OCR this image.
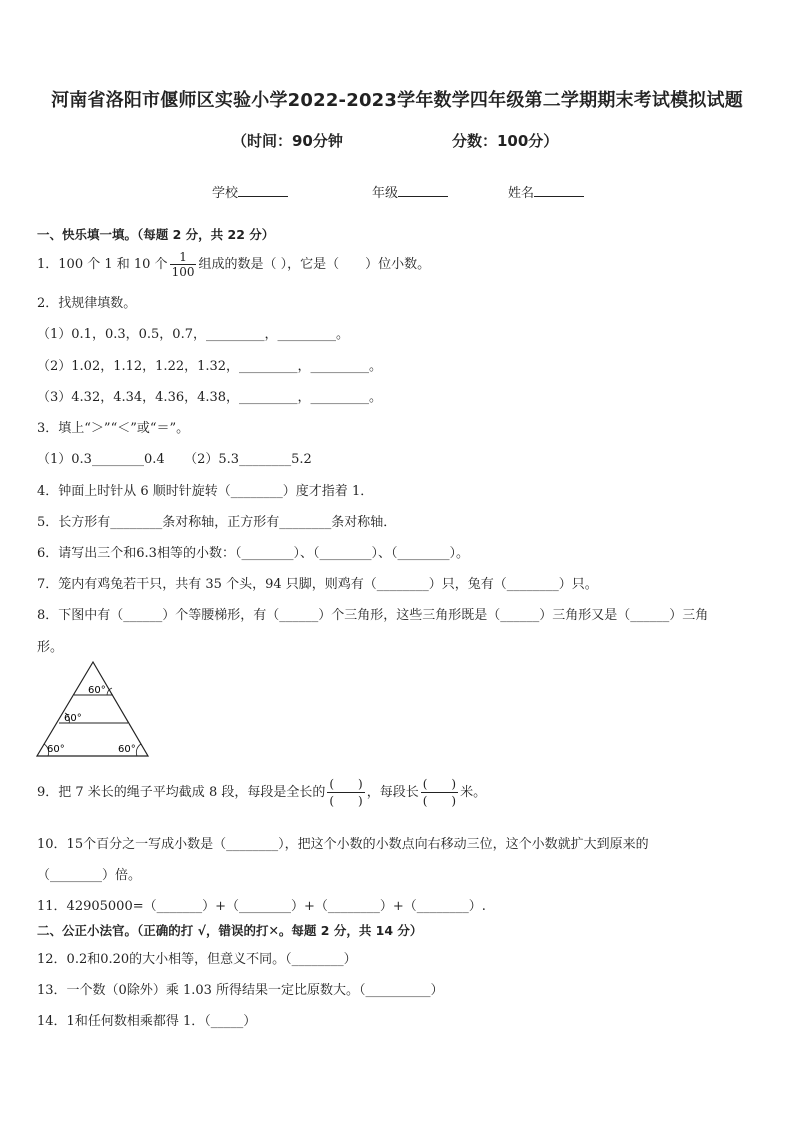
河南省洛阳市偃师区实验小学2022-2023学年数学四年级第二学期期末考试模拟试题
（时间：90分钟	分数：100分）
学校	年级	姓名
一、快乐填一填。（每题 2 分，共 22 分）
1．100 个 1 和 10 个 $\frac{1}{100}$ 组成的数是（ ），它是（　　）位小数。
2．找规律填数。
（1）0.1，0.3，0.5，0.7，_________，_________。
（2）1.02，1.12，1.22，1.32，_________，_________。
（3）4.32，4.34，4.36，4.38，_________，_________。
3．填上“＞”“＜”或“＝”。
（1）0.3________0.4　　（2）5.3________5.2
4．钟面上时针从 6 顺时针旋转（________）度才指着 1．
5．长方形有________条对称轴，正方形有________条对称轴．
6．请写出三个和6.3相等的小数：（________）、（________）、（________）。
7．笼内有鸡兔若干只，共有 35 个头，94 只脚，则鸡有（________）只，兔有（________）只。
8．下图中有（______）个等腰梯形，有（______）个三角形，这些三角形既是（______）三角形又是（______）三角
形。
60°
60°
60°	60°
9．把 7 米长的绳子平均截成 8 段，每段是全长的
(　　)
(　　)
，每段长
(　　)
(　　)
米。
10．15个百分之一写成小数是（________），把这个小数的小数点向右移动三位，这个小数就扩大到原来的
（________）倍。
11．42905000=（_______）+（________）+（________）+（________）.
二、公正小法官。（正确的打 √，错误的打✕。每题 2 分，共 14 分）
12．0.2和0.20的大小相等，但意义不同。（________）
13．一个数（0除外）乘 1.03 所得结果一定比原数大。（__________）
14．1和任何数相乘都得 1．（_____）
